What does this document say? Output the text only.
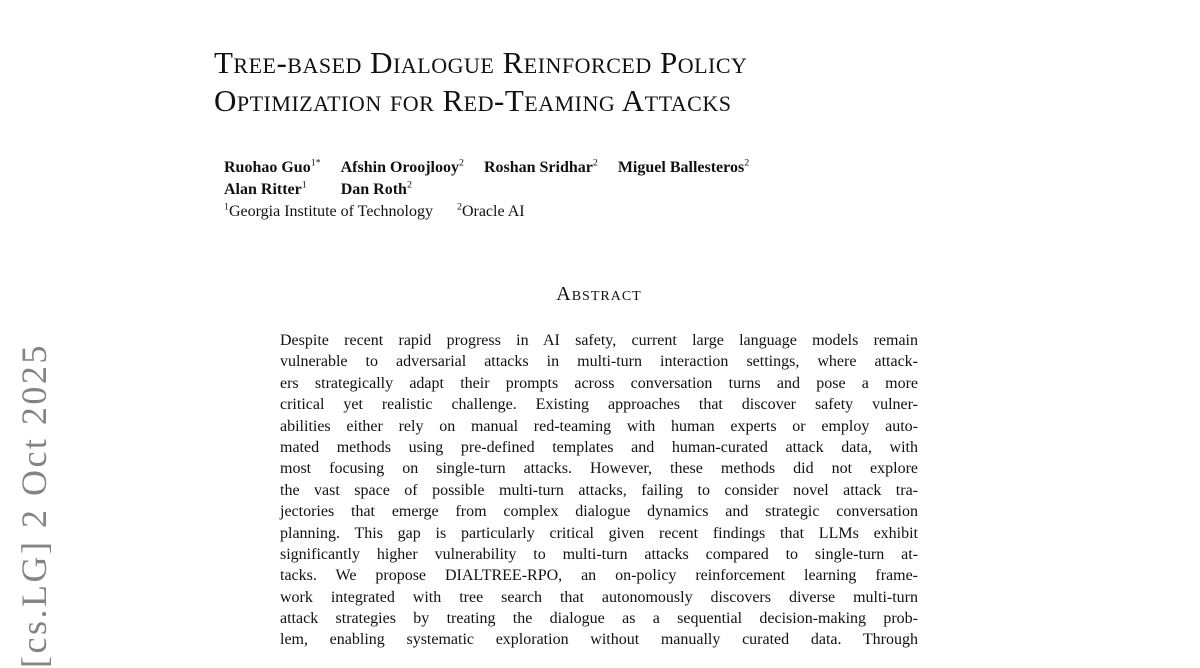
[cs.LG] 2 Oct 2025
Tree-based Dialogue Reinforced Policy
Optimization for Red-Teaming Attacks
Ruohao Guo$^{1*}$ Afshin Oroojlooy$^2$ Roshan Sridhar$^2$ Miguel Ballesteros$^2$
Alan Ritter$^1$ Dan Roth$^2$
$^1$Georgia Institute of Technology $^2$Oracle AI
Abstract
Despite recent rapid progress in AI safety, current large language models remain
vulnerable to adversarial attacks in multi-turn interaction settings, where attack-
ers strategically adapt their prompts across conversation turns and pose a more
critical yet realistic challenge. Existing approaches that discover safety vulner-
abilities either rely on manual red-teaming with human experts or employ auto-
mated methods using pre-defined templates and human-curated attack data, with
most focusing on single-turn attacks. However, these methods did not explore
the vast space of possible multi-turn attacks, failing to consider novel attack tra-
jectories that emerge from complex dialogue dynamics and strategic conversation
planning. This gap is particularly critical given recent findings that LLMs exhibit
significantly higher vulnerability to multi-turn attacks compared to single-turn at-
tacks. We propose DIALTREE-RPO, an on-policy reinforcement learning frame-
work integrated with tree search that autonomously discovers diverse multi-turn
attack strategies by treating the dialogue as a sequential decision-making prob-
lem, enabling systematic exploration without manually curated data. Through
